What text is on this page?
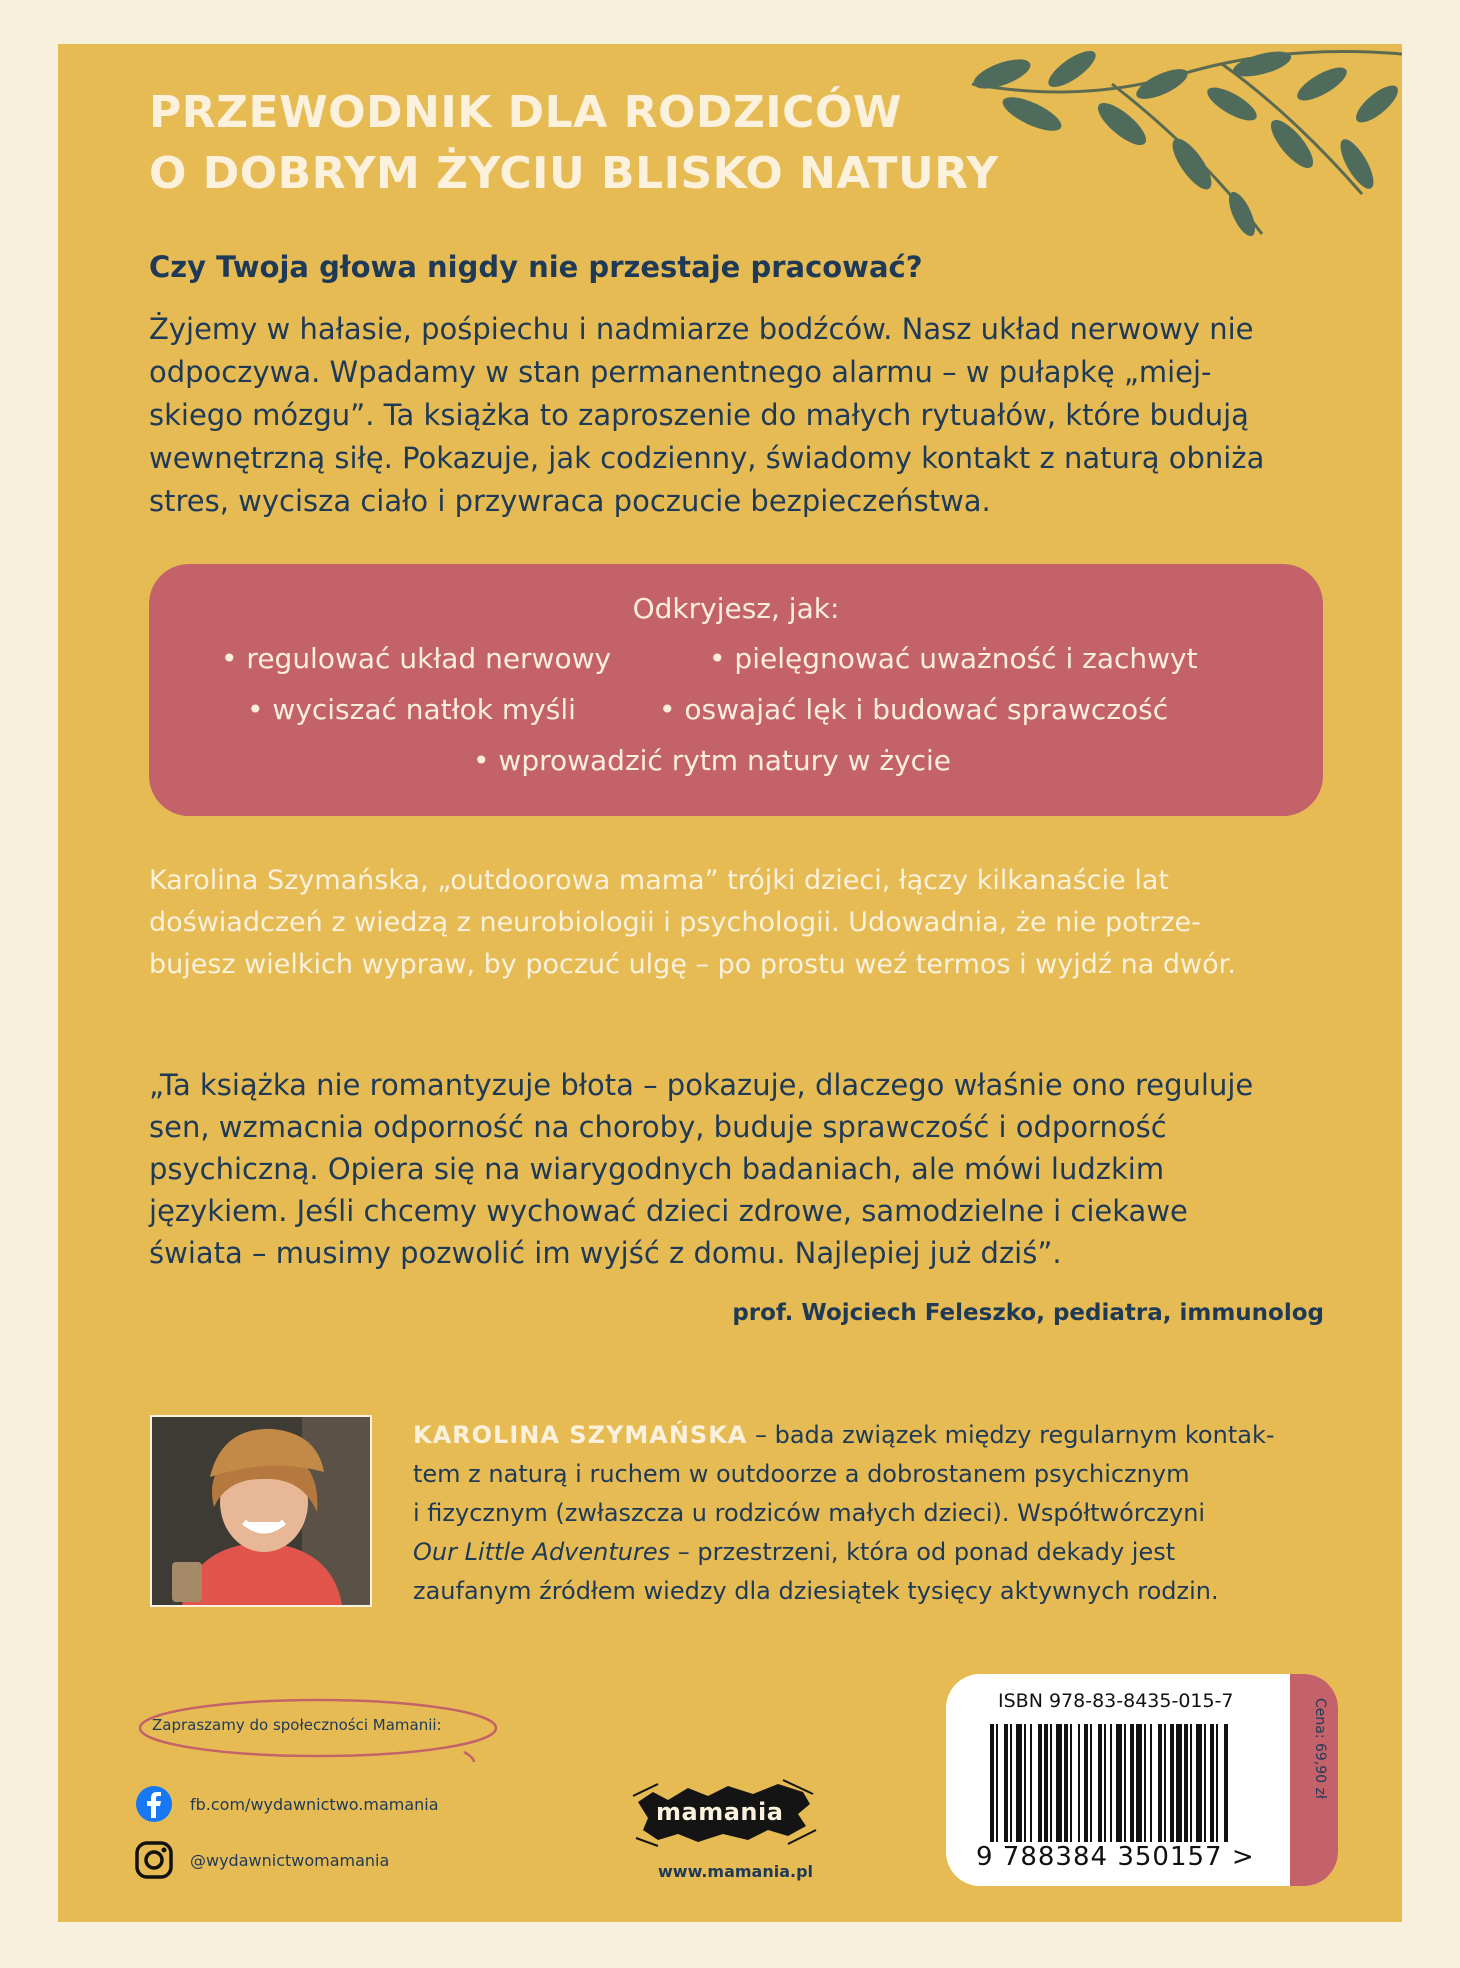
PRZEWODNIK DLA RODZICÓW
O DOBRYM ŻYCIU BLISKO NATURY

Czy Twoja głowa nigdy nie przestaje pracować?

Żyjemy w hałasie, pośpiechu i nadmiarze bodźców. Nasz układ nerwowy nie
odpoczywa. Wpadamy w stan permanentnego alarmu – w pułapkę „miej-
skiego mózgu”. Ta książka to zaproszenie do małych rytuałów, które budują
wewnętrzną siłę. Pokazuje, jak codzienny, świadomy kontakt z naturą obniża
stres, wycisza ciało i przywraca poczucie bezpieczeństwa.

Odkryjesz, jak:
• regulować układ nerwowy	• pielęgnować uważność i zachwyt
• wyciszać natłok myśli	• oswajać lęk i budować sprawczość
• wprowadzić rytm natury w życie

Karolina Szymańska, „outdoorowa mama” trójki dzieci, łączy kilkanaście lat
doświadczeń z wiedzą z neurobiologii i psychologii. Udowadnia, że nie potrze-
bujesz wielkich wypraw, by poczuć ulgę – po prostu weź termos i wyjdź na dwór.

„Ta książka nie romantyzuje błota – pokazuje, dlaczego właśnie ono reguluje
sen, wzmacnia odporność na choroby, buduje sprawczość i odporność
psychiczną. Opiera się na wiarygodnych badaniach, ale mówi ludzkim
językiem. Jeśli chcemy wychować dzieci zdrowe, samodzielne i ciekawe
świata – musimy pozwolić im wyjść z domu. Najlepiej już dziś”.

prof. Wojciech Feleszko, pediatra, immunolog

KAROLINA SZYMAŃSKA – bada związek między regularnym kontak-
tem z naturą i ruchem w outdoorze a dobrostanem psychicznym
i fizycznym (zwłaszcza u rodziców małych dzieci). Współtwórczyni
Our Little Adventures – przestrzeni, która od ponad dekady jest
zaufanym źródłem wiedzy dla dziesiątek tysięcy aktywnych rodzin.

Zapraszamy do społeczności Mamanii:
fb.com/wydawnictwo.mamania
@wydawnictwomamania
mamania
www.mamania.pl
Cena: 69,90 zł
ISBN 978-83-8435-015-7
9 788384 350157 >
